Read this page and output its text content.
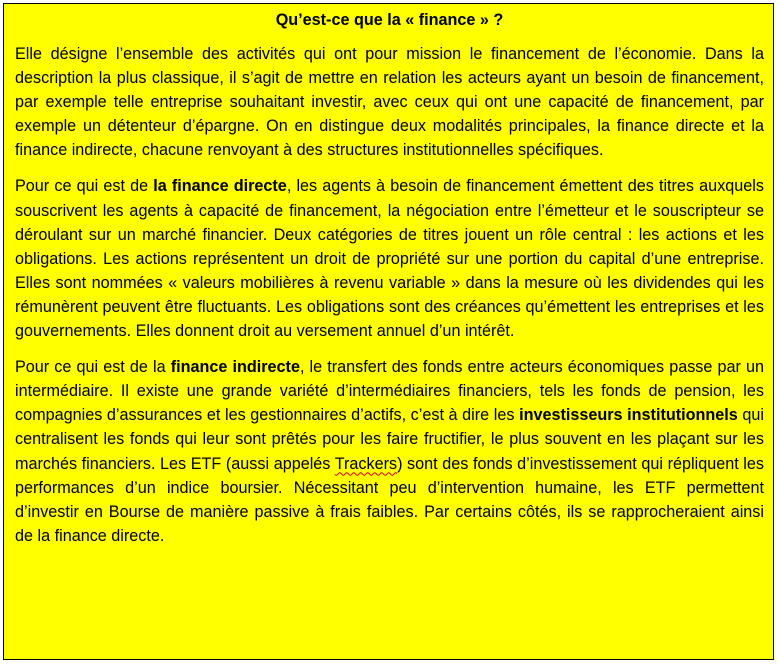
Qu’est-ce que la « finance » ?

Elle désigne l’ensemble des activités qui ont pour mission le financement de l’économie. Dans la description la plus classique, il s’agit de mettre en relation les acteurs ayant un besoin de financement, par exemple telle entreprise souhaitant investir, avec ceux qui ont une capacité de financement, par exemple un détenteur d’épargne. On en distingue deux modalités principales, la finance directe et la finance indirecte, chacune renvoyant à des structures institutionnelles spécifiques.

Pour ce qui est de la finance directe, les agents à besoin de financement émettent des titres auxquels souscrivent les agents à capacité de financement, la négociation entre l’émetteur et le souscripteur se déroulant sur un marché financier. Deux catégories de titres jouent un rôle central : les actions et les obligations. Les actions représentent un droit de propriété sur une portion du capital d’une entreprise. Elles sont nommées « valeurs mobilières à revenu variable » dans la mesure où les dividendes qui les rémunèrent peuvent être fluctuants. Les obligations sont des créances qu’émettent les entreprises et les gouvernements. Elles donnent droit au versement annuel d’un intérêt.

Pour ce qui est de la finance indirecte, le transfert des fonds entre acteurs économiques passe par un intermédiaire. Il existe une grande variété d’intermédiaires financiers, tels les fonds de pension, les compagnies d’assurances et les gestionnaires d’actifs, c’est à dire les investisseurs institutionnels qui centralisent les fonds qui leur sont prêtés pour les faire fructifier, le plus souvent en les plaçant sur les marchés financiers. Les ETF (aussi appelés Trackers) sont des fonds d’investissement qui répliquent les performances d’un indice boursier. Nécessitant peu d’intervention humaine, les ETF permettent d’investir en Bourse de manière passive à frais faibles. Par certains côtés, ils se rapprocheraient ainsi de la finance directe.
